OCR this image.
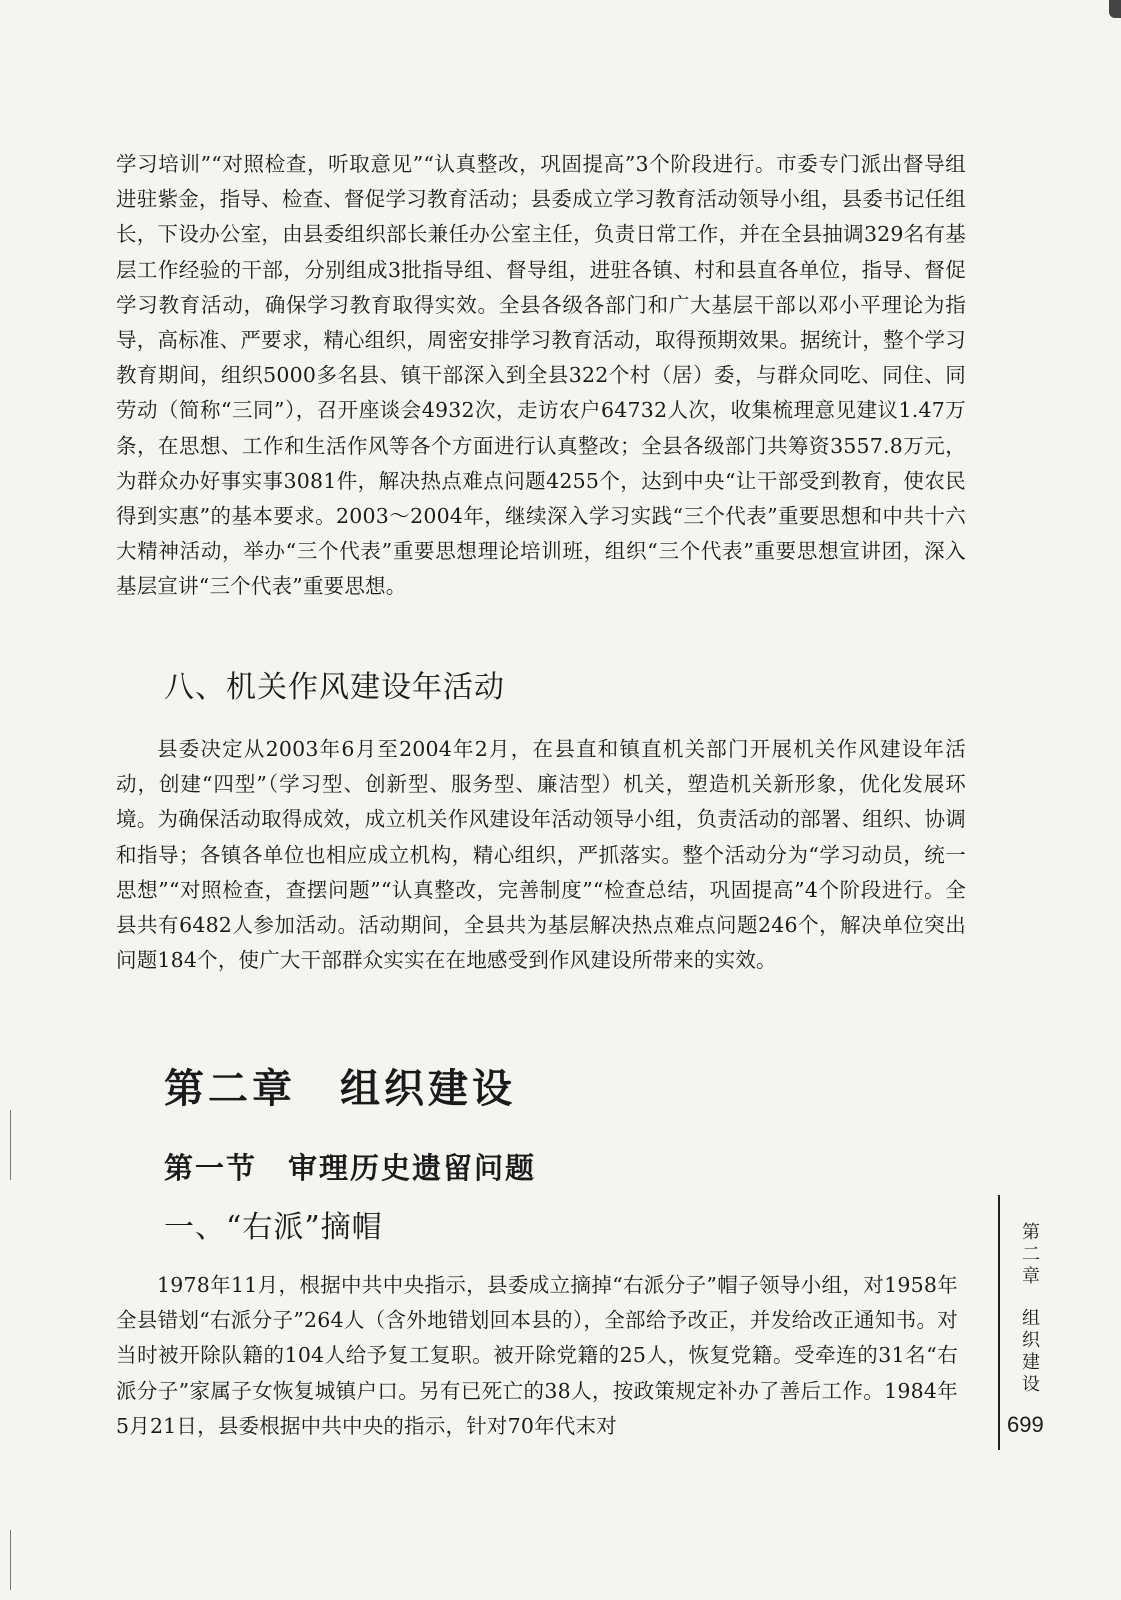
学习培训”“对照检查，听取意见”“认真整改，巩固提高”3个阶段进行。市委专门派出督导组进驻紫金，指导、检查、督促学习教育活动；县委成立学习教育活动领导小组，县委书记任组长，下设办公室，由县委组织部长兼任办公室主任，负责日常工作，并在全县抽调329名有基层工作经验的干部，分别组成3批指导组、督导组，进驻各镇、村和县直各单位，指导、督促学习教育活动，确保学习教育取得实效。全县各级各部门和广大基层干部以邓小平理论为指导，高标准、严要求，精心组织，周密安排学习教育活动，取得预期效果。据统计，整个学习教育期间，组织5000多名县、镇干部深入到全县322个村（居）委，与群众同吃、同住、同劳动（简称“三同”），召开座谈会4932次，走访农户64732人次，收集梳理意见建议1.47万条，在思想、工作和生活作风等各个方面进行认真整改；全县各级部门共筹资3557.8万元，为群众办好事实事3081件，解决热点难点问题4255个，达到中央“让干部受到教育，使农民得到实惠”的基本要求。2003～2004年，继续深入学习实践“三个代表”重要思想和中共十六大精神活动，举办“三个代表”重要思想理论培训班，组织“三个代表”重要思想宣讲团，深入基层宣讲“三个代表”重要思想。

八、机关作风建设年活动

县委决定从2003年6月至2004年2月，在县直和镇直机关部门开展机关作风建设年活动，创建“四型”（学习型、创新型、服务型、廉洁型）机关，塑造机关新形象，优化发展环境。为确保活动取得成效，成立机关作风建设年活动领导小组，负责活动的部署、组织、协调和指导；各镇各单位也相应成立机构，精心组织，严抓落实。整个活动分为“学习动员，统一思想”“对照检查，查摆问题”“认真整改，完善制度”“检查总结，巩固提高”4个阶段进行。全县共有6482人参加活动。活动期间，全县共为基层解决热点难点问题246个，解决单位突出问题184个，使广大干部群众实实在在地感受到作风建设所带来的实效。

第二章　组织建设
第一节　审理历史遗留问题
一、“右派”摘帽

1978年11月，根据中共中央指示，县委成立摘掉“右派分子”帽子领导小组，对1958年全县错划“右派分子”264人（含外地错划回本县的），全部给予改正，并发给改正通知书。对当时被开除队籍的104人给予复工复职。被开除党籍的25人，恢复党籍。受牵连的31名“右派分子”家属子女恢复城镇户口。另有已死亡的38人，按政策规定补办了善后工作。1984年5月21日，县委根据中共中央的指示，针对70年代末对

第二章
组织建设
699
